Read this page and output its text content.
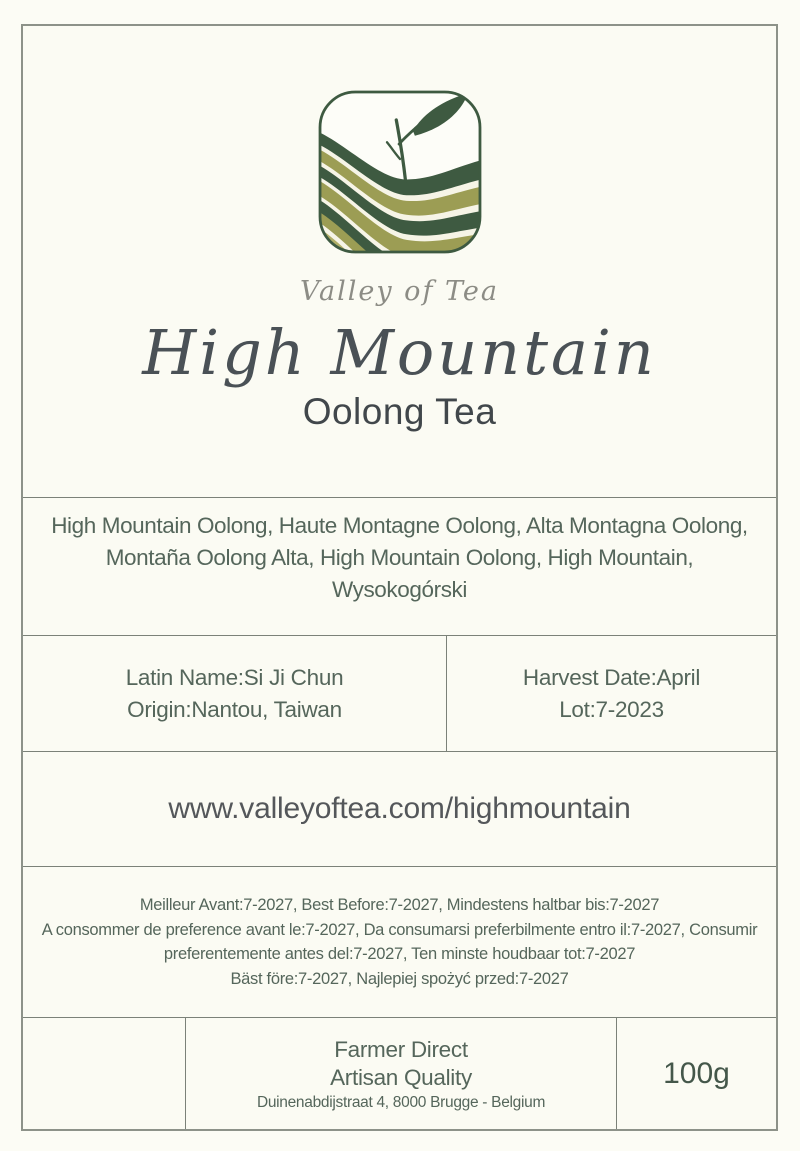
Valley of Tea
High Mountain
Oolong Tea
High Mountain Oolong, Haute Montagne Oolong, Alta Montagna Oolong,
Montaña Oolong Alta, High Mountain Oolong, High Mountain,
Wysokogórski
Latin Name:Si Ji Chun
Origin:Nantou, Taiwan
Harvest Date:April
Lot:7-2023
www.valleyoftea.com/highmountain
Meilleur Avant:7-2027, Best Before:7-2027, Mindestens haltbar bis:7-2027
A consommer de preference avant le:7-2027, Da consumarsi preferbilmente entro il:7-2027, Consumir
preferentemente antes del:7-2027, Ten minste houdbaar tot:7-2027
Bäst före:7-2027, Najlepiej spożyć przed:7-2027
Farmer Direct
Artisan Quality
Duinenabdijstraat 4, 8000 Brugge - Belgium
100g
